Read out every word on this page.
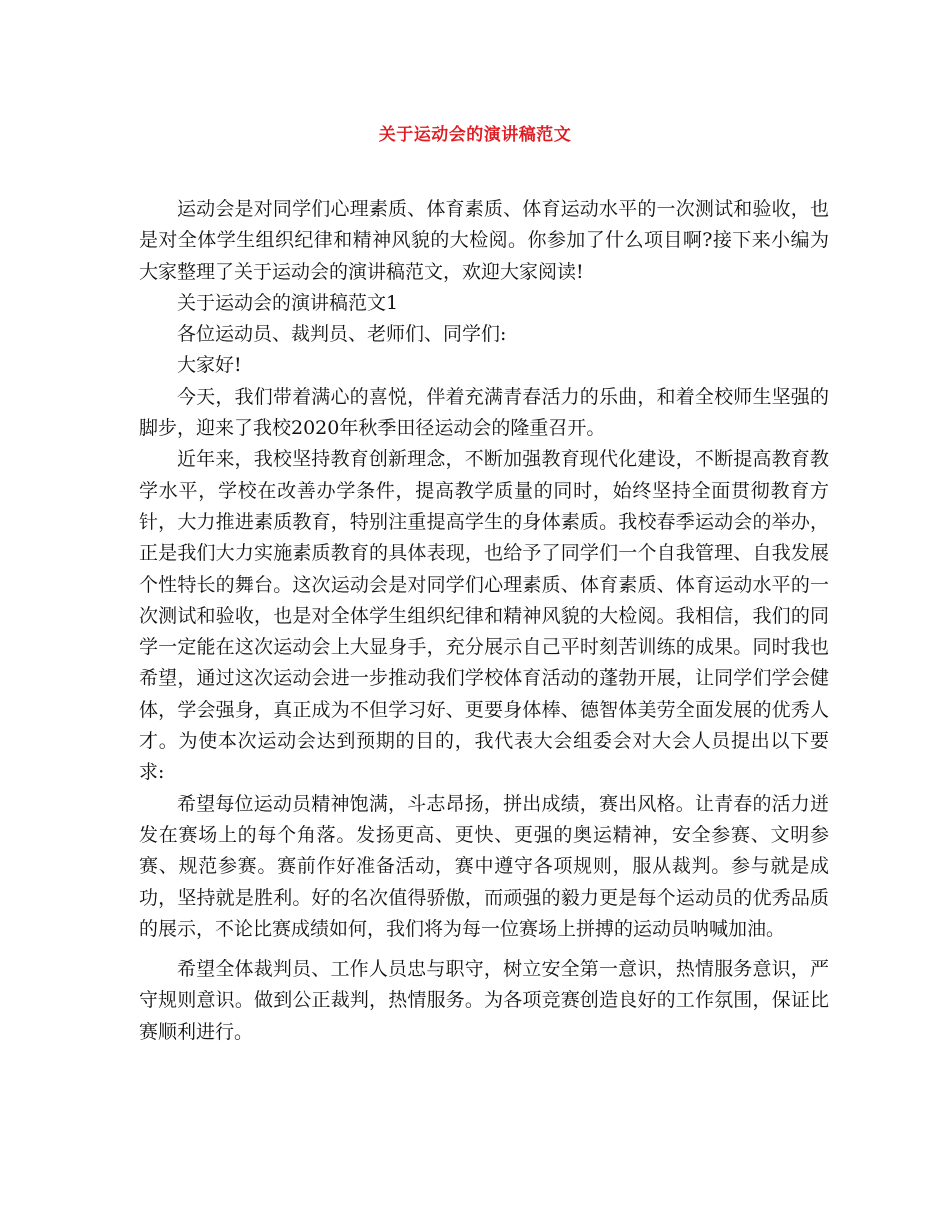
关于运动会的演讲稿范文

运动会是对同学们心理素质、体育素质、体育运动水平的一次测试和验收，也是对全体学生组织纪律和精神风貌的大检阅。你参加了什么项目啊?接下来小编为大家整理了关于运动会的演讲稿范文，欢迎大家阅读!

关于运动会的演讲稿范文1

各位运动员、裁判员、老师们、同学们:

大家好!

今天，我们带着满心的喜悦，伴着充满青春活力的乐曲，和着全校师生坚强的脚步，迎来了我校2020年秋季田径运动会的隆重召开。

近年来，我校坚持教育创新理念，不断加强教育现代化建设，不断提高教育教学水平，学校在改善办学条件，提高教学质量的同时，始终坚持全面贯彻教育方针，大力推进素质教育，特别注重提高学生的身体素质。我校春季运动会的举办，正是我们大力实施素质教育的具体表现，也给予了同学们一个自我管理、自我发展个性特长的舞台。这次运动会是对同学们心理素质、体育素质、体育运动水平的一次测试和验收，也是对全体学生组织纪律和精神风貌的大检阅。我相信，我们的同学一定能在这次运动会上大显身手，充分展示自己平时刻苦训练的成果。同时我也希望，通过这次运动会进一步推动我们学校体育活动的蓬勃开展，让同学们学会健体，学会强身，真正成为不但学习好、更要身体棒、德智体美劳全面发展的优秀人才。为使本次运动会达到预期的目的，我代表大会组委会对大会人员提出以下要求:

希望每位运动员精神饱满，斗志昂扬，拼出成绩，赛出风格。让青春的活力迸发在赛场上的每个角落。发扬更高、更快、更强的奥运精神，安全参赛、文明参赛、规范参赛。赛前作好准备活动，赛中遵守各项规则，服从裁判。参与就是成功，坚持就是胜利。好的名次值得骄傲，而顽强的毅力更是每个运动员的优秀品质的展示，不论比赛成绩如何，我们将为每一位赛场上拼搏的运动员呐喊加油。

希望全体裁判员、工作人员忠与职守，树立安全第一意识，热情服务意识，严守规则意识。做到公正裁判，热情服务。为各项竞赛创造良好的工作氛围，保证比赛顺利进行。
